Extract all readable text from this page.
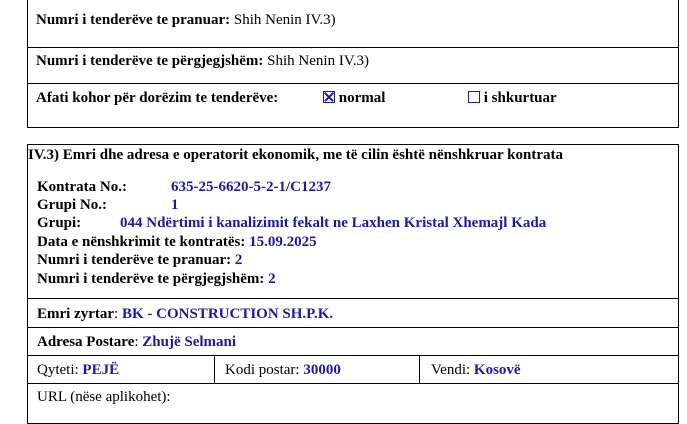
Numri i tenderëve te pranuar: Shih Nenin IV.3)
Numri i tenderëve te përgjegjshëm: Shih Nenin IV.3)
Afati kohor për dorëzim te tenderëve:	normal	i shkurtuar
IV.3) Emri dhe adresa e operatorit ekonomik, me të cilin është nënshkruar kontrata
Kontrata No.:	635-25-6620-5-2-1/C1237
Grupi No.:	1
Grupi:	044 Ndërtimi i kanalizimit fekalt ne Laxhen Kristal Xhemajl Kada
Data e nënshkrimit te kontratës: 15.09.2025
Numri i tenderëve te pranuar: 2
Numri i tenderëve te përgjegjshëm: 2
Emri zyrtar: BK - CONSTRUCTION SH.P.K.
Adresa Postare: Zhujë Selmani
Qyteti: PEJË	Kodi postar: 30000	Vendi: Kosovë
URL (nëse aplikohet):
